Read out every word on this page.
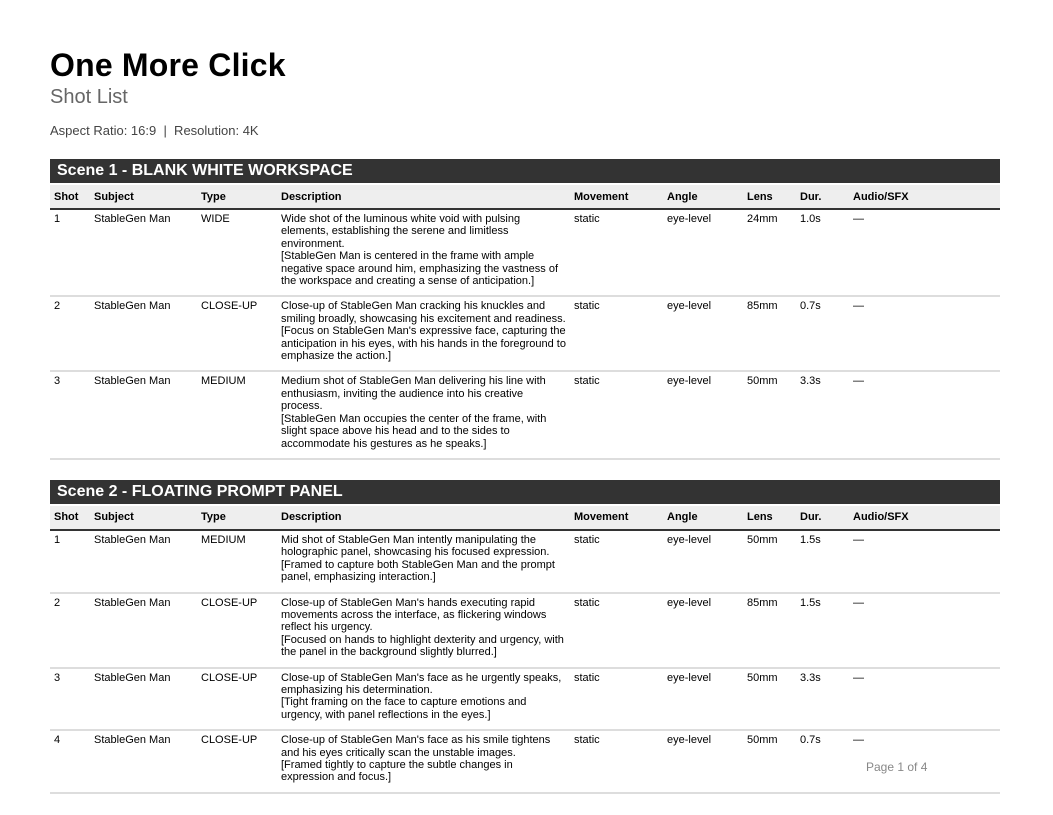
One More Click
Shot List
Aspect Ratio: 16:9  |  Resolution: 4K
Scene 1 - BLANK WHITE WORKSPACE
Shot	Subject	Type	Description	Movement	Angle	Lens	Dur.	Audio/SFX
1	StableGen Man	WIDE	Wide shot of the luminous white void with pulsing elements, establishing the serene and limitless environment.
[StableGen Man is centered in the frame with ample negative space around him, emphasizing the vastness of the workspace and creating a sense of anticipation.]	static	eye-level	24mm	1.0s	—
2	StableGen Man	CLOSE-UP	Close-up of StableGen Man cracking his knuckles and smiling broadly, showcasing his excitement and readiness.
[Focus on StableGen Man's expressive face, capturing the anticipation in his eyes, with his hands in the foreground to emphasize the action.]	static	eye-level	85mm	0.7s	—
3	StableGen Man	MEDIUM	Medium shot of StableGen Man delivering his line with enthusiasm, inviting the audience into his creative process.
[StableGen Man occupies the center of the frame, with slight space above his head and to the sides to accommodate his gestures as he speaks.]	static	eye-level	50mm	3.3s	—
Scene 2 - FLOATING PROMPT PANEL
Shot	Subject	Type	Description	Movement	Angle	Lens	Dur.	Audio/SFX
1	StableGen Man	MEDIUM	Mid shot of StableGen Man intently manipulating the holographic panel, showcasing his focused expression.
[Framed to capture both StableGen Man and the prompt panel, emphasizing interaction.]	static	eye-level	50mm	1.5s	—
2	StableGen Man	CLOSE-UP	Close-up of StableGen Man's hands executing rapid movements across the interface, as flickering windows reflect his urgency.
[Focused on hands to highlight dexterity and urgency, with the panel in the background slightly blurred.]	static	eye-level	85mm	1.5s	—
3	StableGen Man	CLOSE-UP	Close-up of StableGen Man's face as he urgently speaks, emphasizing his determination.
[Tight framing on the face to capture emotions and urgency, with panel reflections in the eyes.]	static	eye-level	50mm	3.3s	—
4	StableGen Man	CLOSE-UP	Close-up of StableGen Man's face as his smile tightens and his eyes critically scan the unstable images.
[Framed tightly to capture the subtle changes in expression and focus.]	static	eye-level	50mm	0.7s	—
Page 1 of 4
